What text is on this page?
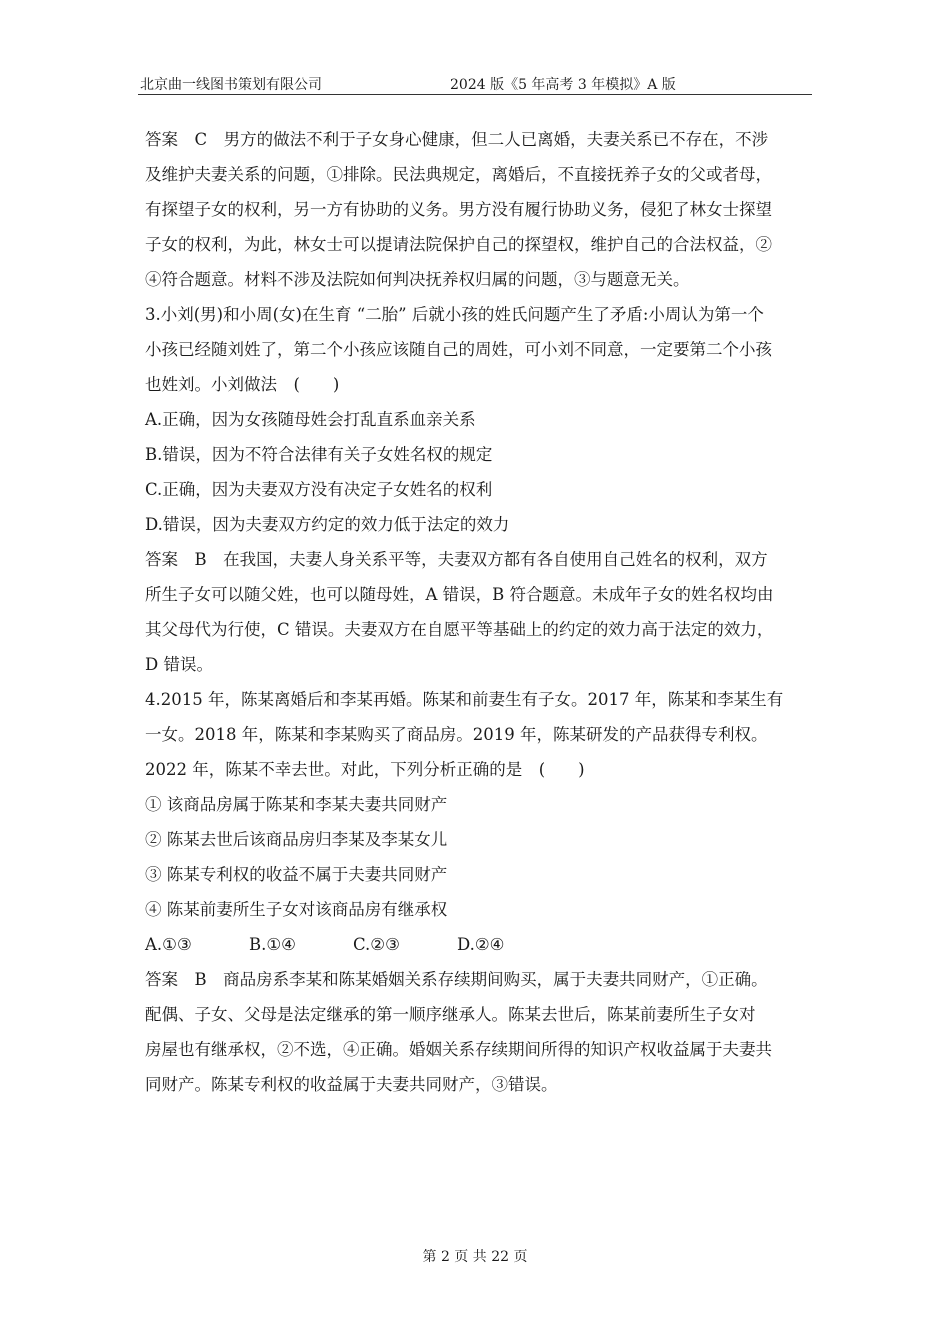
北京曲一线图书策划有限公司	2024 版《5 年高考 3 年模拟》A 版

答案　C　男方的做法不利于子女身心健康，但二人已离婚，夫妻关系已不存在，不涉

及维护夫妻关系的问题，①排除。民法典规定，离婚后，不直接抚养子女的父或者母，

有探望子女的权利，另一方有协助的义务。男方没有履行协助义务，侵犯了林女士探望

子女的权利，为此，林女士可以提请法院保护自己的探望权，维护自己的合法权益，②

④符合题意。材料不涉及法院如何判决抚养权归属的问题，③与题意无关。

3.小刘(男)和小周(女)在生育 “二胎” 后就小孩的姓氏问题产生了矛盾:小周认为第一个

小孩已经随刘姓了，第二个小孩应该随自己的周姓，可小刘不同意，一定要第二个小孩

也姓刘。小刘做法　(　　)

A.正确，因为女孩随母姓会打乱直系血亲关系

B.错误，因为不符合法律有关子女姓名权的规定

C.正确，因为夫妻双方没有决定子女姓名的权利

D.错误，因为夫妻双方约定的效力低于法定的效力

答案　B　在我国，夫妻人身关系平等，夫妻双方都有各自使用自己姓名的权利，双方

所生子女可以随父姓，也可以随母姓，A 错误，B 符合题意。未成年子女的姓名权均由

其父母代为行使，C 错误。夫妻双方在自愿平等基础上的约定的效力高于法定的效力，

D 错误。

4.2015 年，陈某离婚后和李某再婚。陈某和前妻生有子女。2017 年，陈某和李某生有

一女。2018 年，陈某和李某购买了商品房。2019 年，陈某研发的产品获得专利权。

2022 年，陈某不幸去世。对此，下列分析正确的是　(　　)

① 该商品房属于陈某和李某夫妻共同财产

② 陈某去世后该商品房归李某及李某女儿

③ 陈某专利权的收益不属于夫妻共同财产

④ 陈某前妻所生子女对该商品房有继承权

A.①③	B.①④	C.②③	D.②④

答案　B　商品房系李某和陈某婚姻关系存续期间购买，属于夫妻共同财产，①正确。

配偶、子女、父母是法定继承的第一顺序继承人。陈某去世后，陈某前妻所生子女对

房屋也有继承权，②不选，④正确。婚姻关系存续期间所得的知识产权收益属于夫妻共

同财产。陈某专利权的收益属于夫妻共同财产，③错误。

第 2 页 共 22 页
